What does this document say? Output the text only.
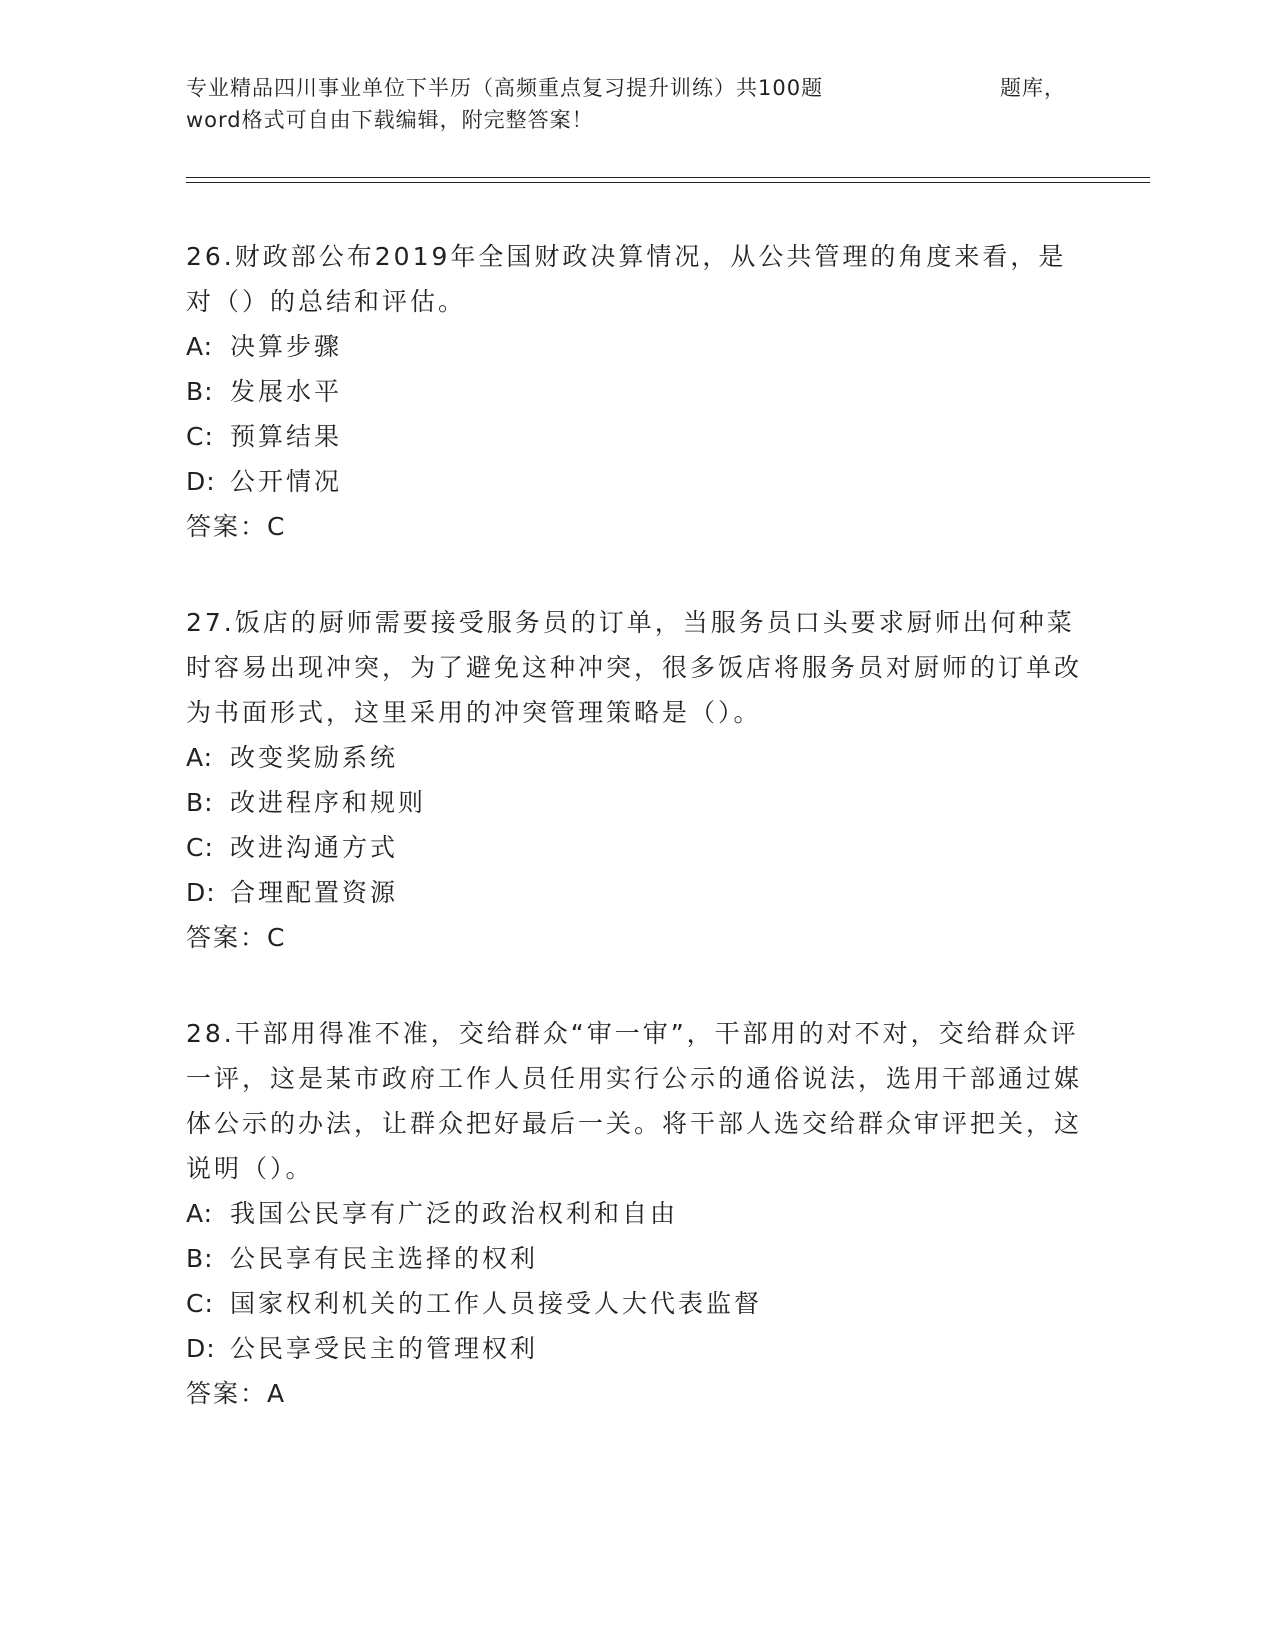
专业精品四川事业单位下半历（高频重点复习提升训练）共100题	题库，
word格式可自由下载编辑，附完整答案！

26.财政部公布2019年全国财政决算情况，从公共管理的角度来看，是对（）的总结和评估。

A: 决算步骤
B: 发展水平
C: 预算结果
D: 公开情况

答案：C

27.饭店的厨师需要接受服务员的订单，当服务员口头要求厨师出何种菜时容易出现冲突，为了避免这种冲突，很多饭店将服务员对厨师的订单改为书面形式，这里采用的冲突管理策略是（）。

A: 改变奖励系统
B: 改进程序和规则
C: 改进沟通方式
D: 合理配置资源

答案：C

28.干部用得准不准，交给群众“审一审”，干部用的对不对，交给群众评一评，这是某市政府工作人员任用实行公示的通俗说法，选用干部通过媒体公示的办法，让群众把好最后一关。将干部人选交给群众审评把关，这说明（）。

A: 我国公民享有广泛的政治权利和自由
B: 公民享有民主选择的权利
C: 国家权利机关的工作人员接受人大代表监督
D: 公民享受民主的管理权利

答案：A
